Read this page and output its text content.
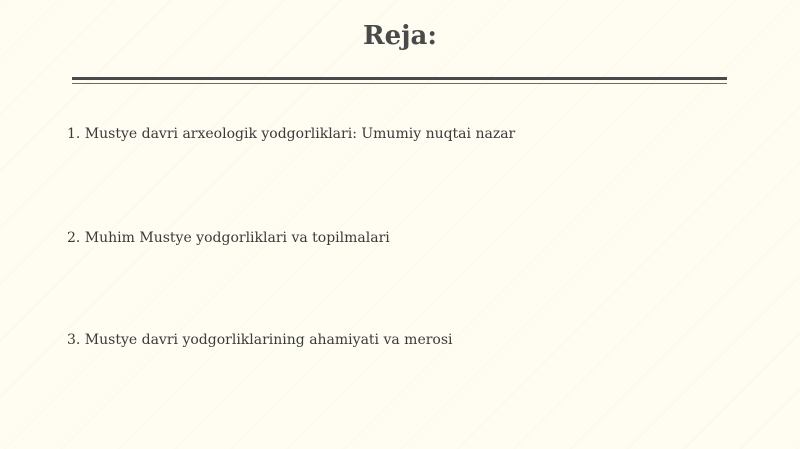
Reja:
1. Mustye davri arxeologik yodgorliklari: Umumiy nuqtai nazar
2. Muhim Mustye yodgorliklari va topilmalari
3. Mustye davri yodgorliklarining ahamiyati va merosi
